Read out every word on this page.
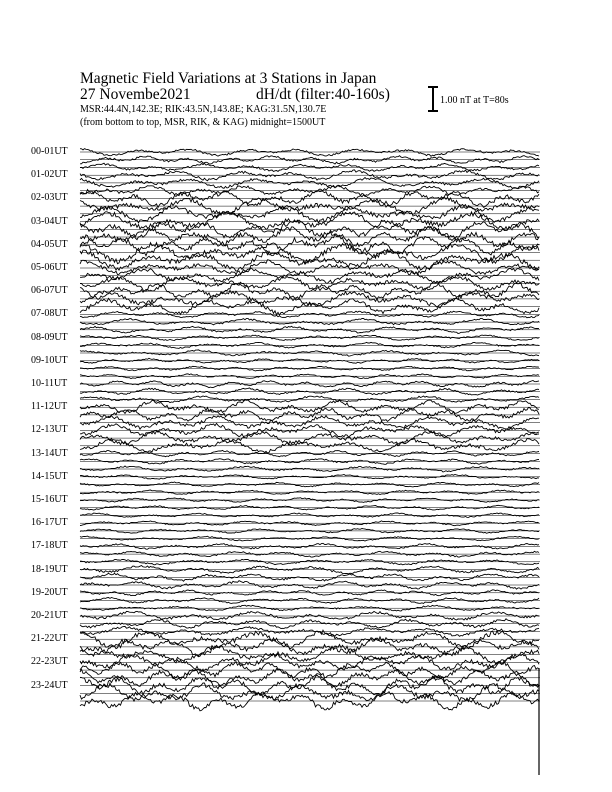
Magnetic Field Variations at 3 Stations in Japan
27 Novembe2021	dH/dt (filter:40-160s)
MSR:44.4N,142.3E; RIK:43.5N,143.8E; KAG:31.5N,130.7E
(from bottom to top, MSR, RIK, & KAG) midnight=1500UT
1.00 nT at T=80s
00-01UT
01-02UT
02-03UT
03-04UT
04-05UT
05-06UT
06-07UT
07-08UT
08-09UT
09-10UT
10-11UT
11-12UT
12-13UT
13-14UT
14-15UT
15-16UT
16-17UT
17-18UT
18-19UT
19-20UT
20-21UT
21-22UT
22-23UT
23-24UT
